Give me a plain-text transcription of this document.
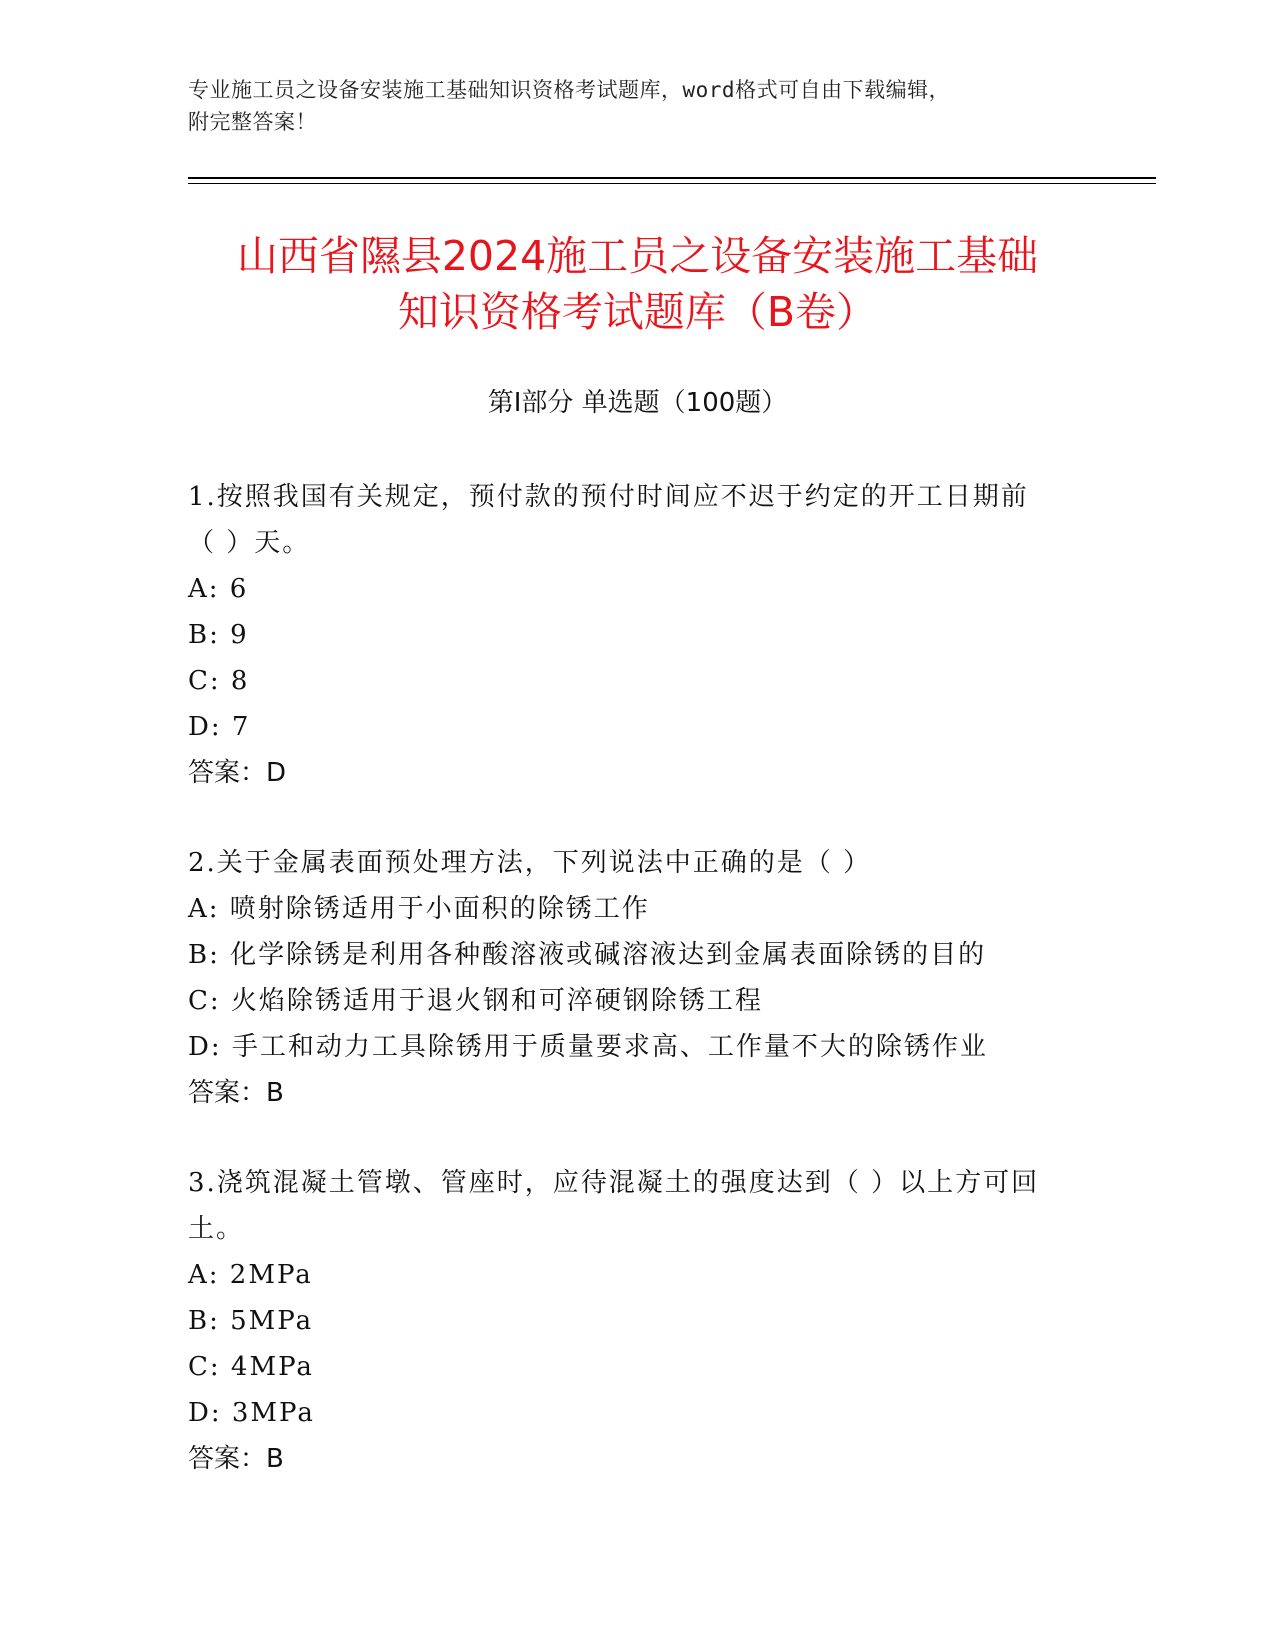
专业施工员之设备安装施工基础知识资格考试题库，word格式可自由下载编辑，
附完整答案！
山西省隰县2024施工员之设备安装施工基础
知识资格考试题库（B卷）
第Ⅰ部分 单选题（100题）
1.按照我国有关规定，预付款的预付时间应不迟于约定的开工日期前
（ ）天。
A: 6
B: 9
C: 8
D: 7
答案：D
2.关于金属表面预处理方法，下列说法中正确的是（ ）
A: 喷射除锈适用于小面积的除锈工作
B: 化学除锈是利用各种酸溶液或碱溶液达到金属表面除锈的目的
C: 火焰除锈适用于退火钢和可淬硬钢除锈工程
D: 手工和动力工具除锈用于质量要求高、工作量不大的除锈作业
答案：B
3.浇筑混凝土管墩、管座时，应待混凝土的强度达到（ ）以上方可回
土。
A: 2MPa
B: 5MPa
C: 4MPa
D: 3MPa
答案：B
